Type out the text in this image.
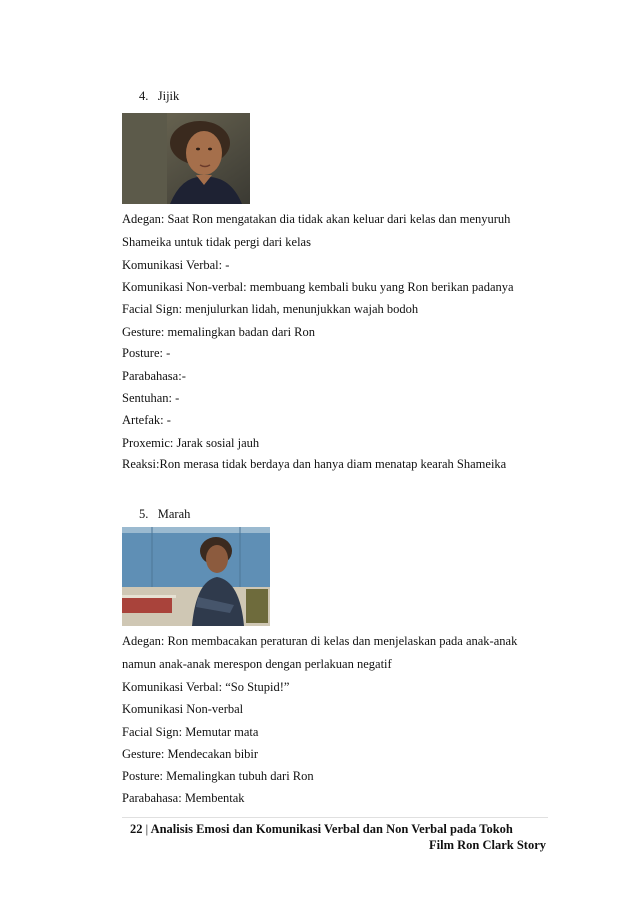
4. Jijik
Adegan: Saat Ron mengatakan dia tidak akan keluar dari kelas dan menyuruh
Shameika untuk tidak pergi dari kelas
Komunikasi Verbal: -
Komunikasi Non-verbal: membuang kembali buku yang Ron berikan padanya
Facial Sign: menjulurkan lidah, menunjukkan wajah bodoh
Gesture: memalingkan badan dari Ron
Posture: -
Parabahasa:-
Sentuhan: -
Artefak: -
Proxemic: Jarak sosial jauh
Reaksi:Ron merasa tidak berdaya dan hanya diam menatap kearah Shameika
5. Marah
Adegan: Ron membacakan peraturan di kelas dan menjelaskan pada anak-anak
namun anak-anak merespon dengan perlakuan negatif
Komunikasi Verbal: “So Stupid!”
Komunikasi Non-verbal
Facial Sign: Memutar mata
Gesture: Mendecakan bibir
Posture: Memalingkan tubuh dari Ron
Parabahasa: Membentak
22 | Analisis Emosi dan Komunikasi Verbal dan Non Verbal pada Tokoh
Film Ron Clark Story
